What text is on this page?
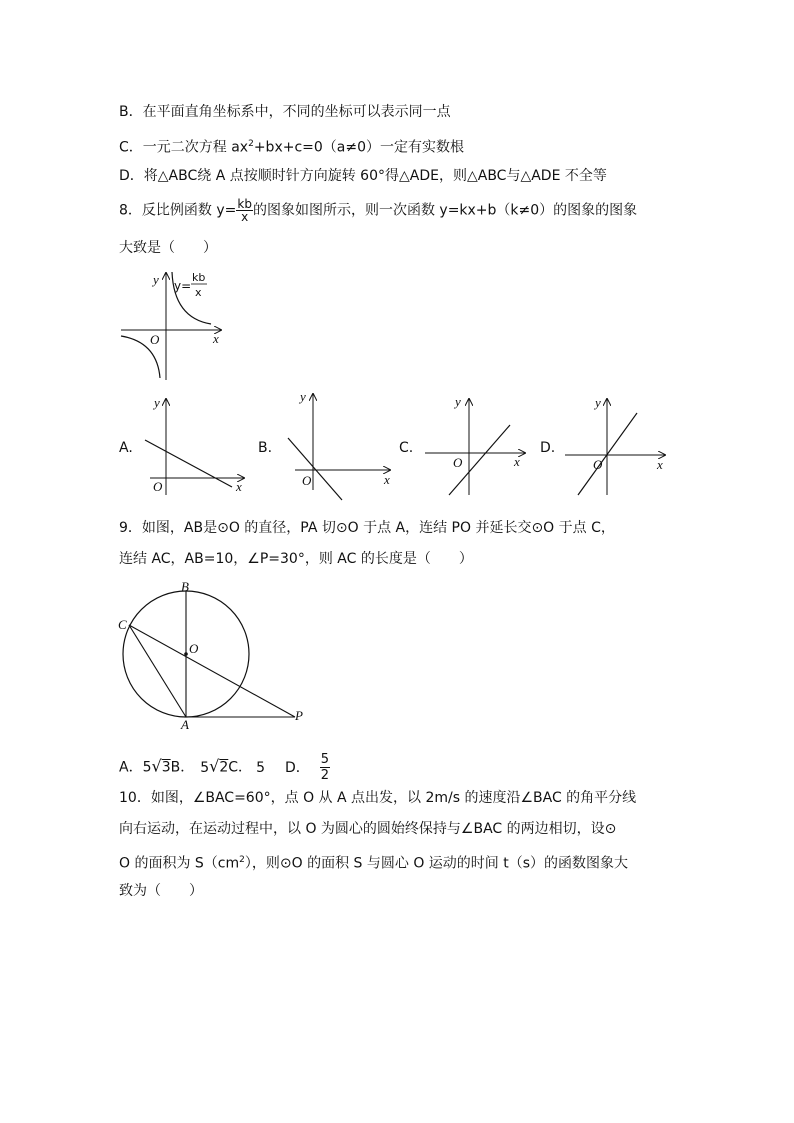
B．在平面直角坐标系中，不同的坐标可以表示同一点
C．一元二次方程 $ax^2+bx+c=0(a\ne 0)$一定有实数根
D．将△ABC绕 A 点按顺时针方向旋转 60°得△ADE，则△ABC与△ADE 不全等
8．反比例函数 $y= \frac{kb}{x}$ 的图象如图所示，则一次函数 y=kx+b（k≠0）的图象的图象
大致是（　　）
y
x
O
y=
kb
x
A.
y
x
O
B.
y
x
O
C.
y
x
O
D.
y
x
O
9．如图，AB是⊙O 的直径，PA 切⊙O 于点 A，连结 PO 并延长交⊙O 于点 C，
连结 AC，AB=10，∠P=30°，则 AC 的长度是（　　）
B
C
O
A
P
A．5√3B． 5√2C． 5 D． $\frac{5}{2}$
10．如图，∠BAC=60°，点 O 从 A 点出发，以 2m/s 的速度沿∠BAC 的角平分线
向右运动，在运动过程中，以 O 为圆心的圆始终保持与∠BAC 的两边相切，设⊙
O 的面积为 $S(cm^2)$，则⊙O 的面积 S 与圆心 O 运动的时间 t（s）的函数图象大
致为（　　）
